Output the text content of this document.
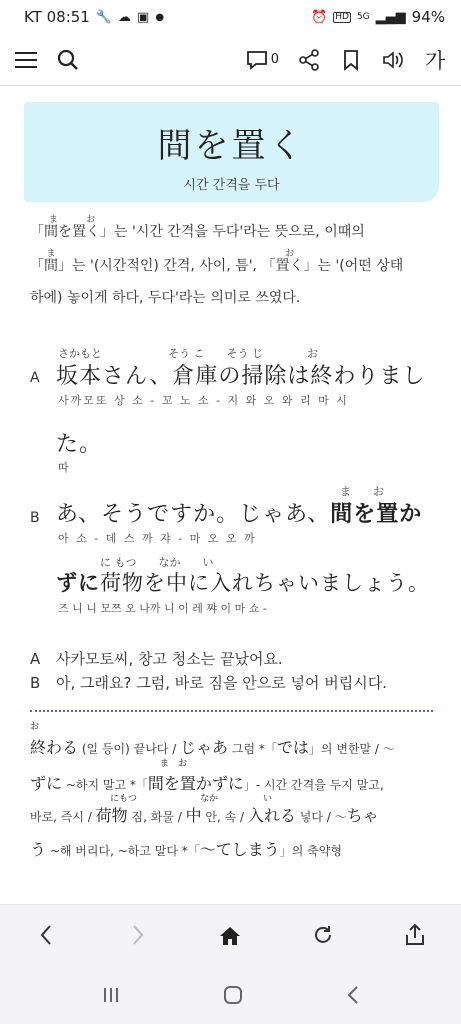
KT 08:51 🔧 ☁ ▣ ●	⏰ HD 5G ▂▄▆ 94%
0	가
間を置く
시간 간격을 두다
「間を置くま　お」는 '시간 간격을 두다'라는 뜻으로, 이때의
「間ま」는 '(시간적인) 간격, 사이, 틈', 「置くお」는 '(어떤 상태
하에) 놓이게 하다, 두다'라는 의미로 쓰였다.
さかもと　　　　　　そう こ　　そう じ　　　　お
A 坂本さん、倉庫の掃除は終わりまし
사까모또 상 소 - 꼬 노 소 - 지 와 오 와 리 마 시
た。
따
ま　　お
B あ、そうですか。じゃあ、間を置か
아 소 - 데 스 까 쟈 - 마 오 오 까
に もつ　　なか　　い
ずに荷物を中に入れちゃいましょう。
즈 니 니 모쯔 오 나까 니 이 레 쨔 이 마 쇼 -
A 사카모토씨, 창고 청소는 끝났어요.
B 아, 그래요? 그럼, 바로 짐을 안으로 넣어 버립시다.
お
終わる (일 등이) 끝나다 / じゃあ 그럼 *「では」의 변한말 / ～
ま　お
ずに ~하지 말고 *「間を置かずに」- 시간 간격을 두지 말고,
にもつ　　　　　　　なか　　　　　い
바로, 즉시 / 荷物 짐, 화물 / 中 안, 속 / 入れる 넣다 / ～ちゃ
う ~해 버리다, ~하고 말다 *「～てしまう」의 축약형
